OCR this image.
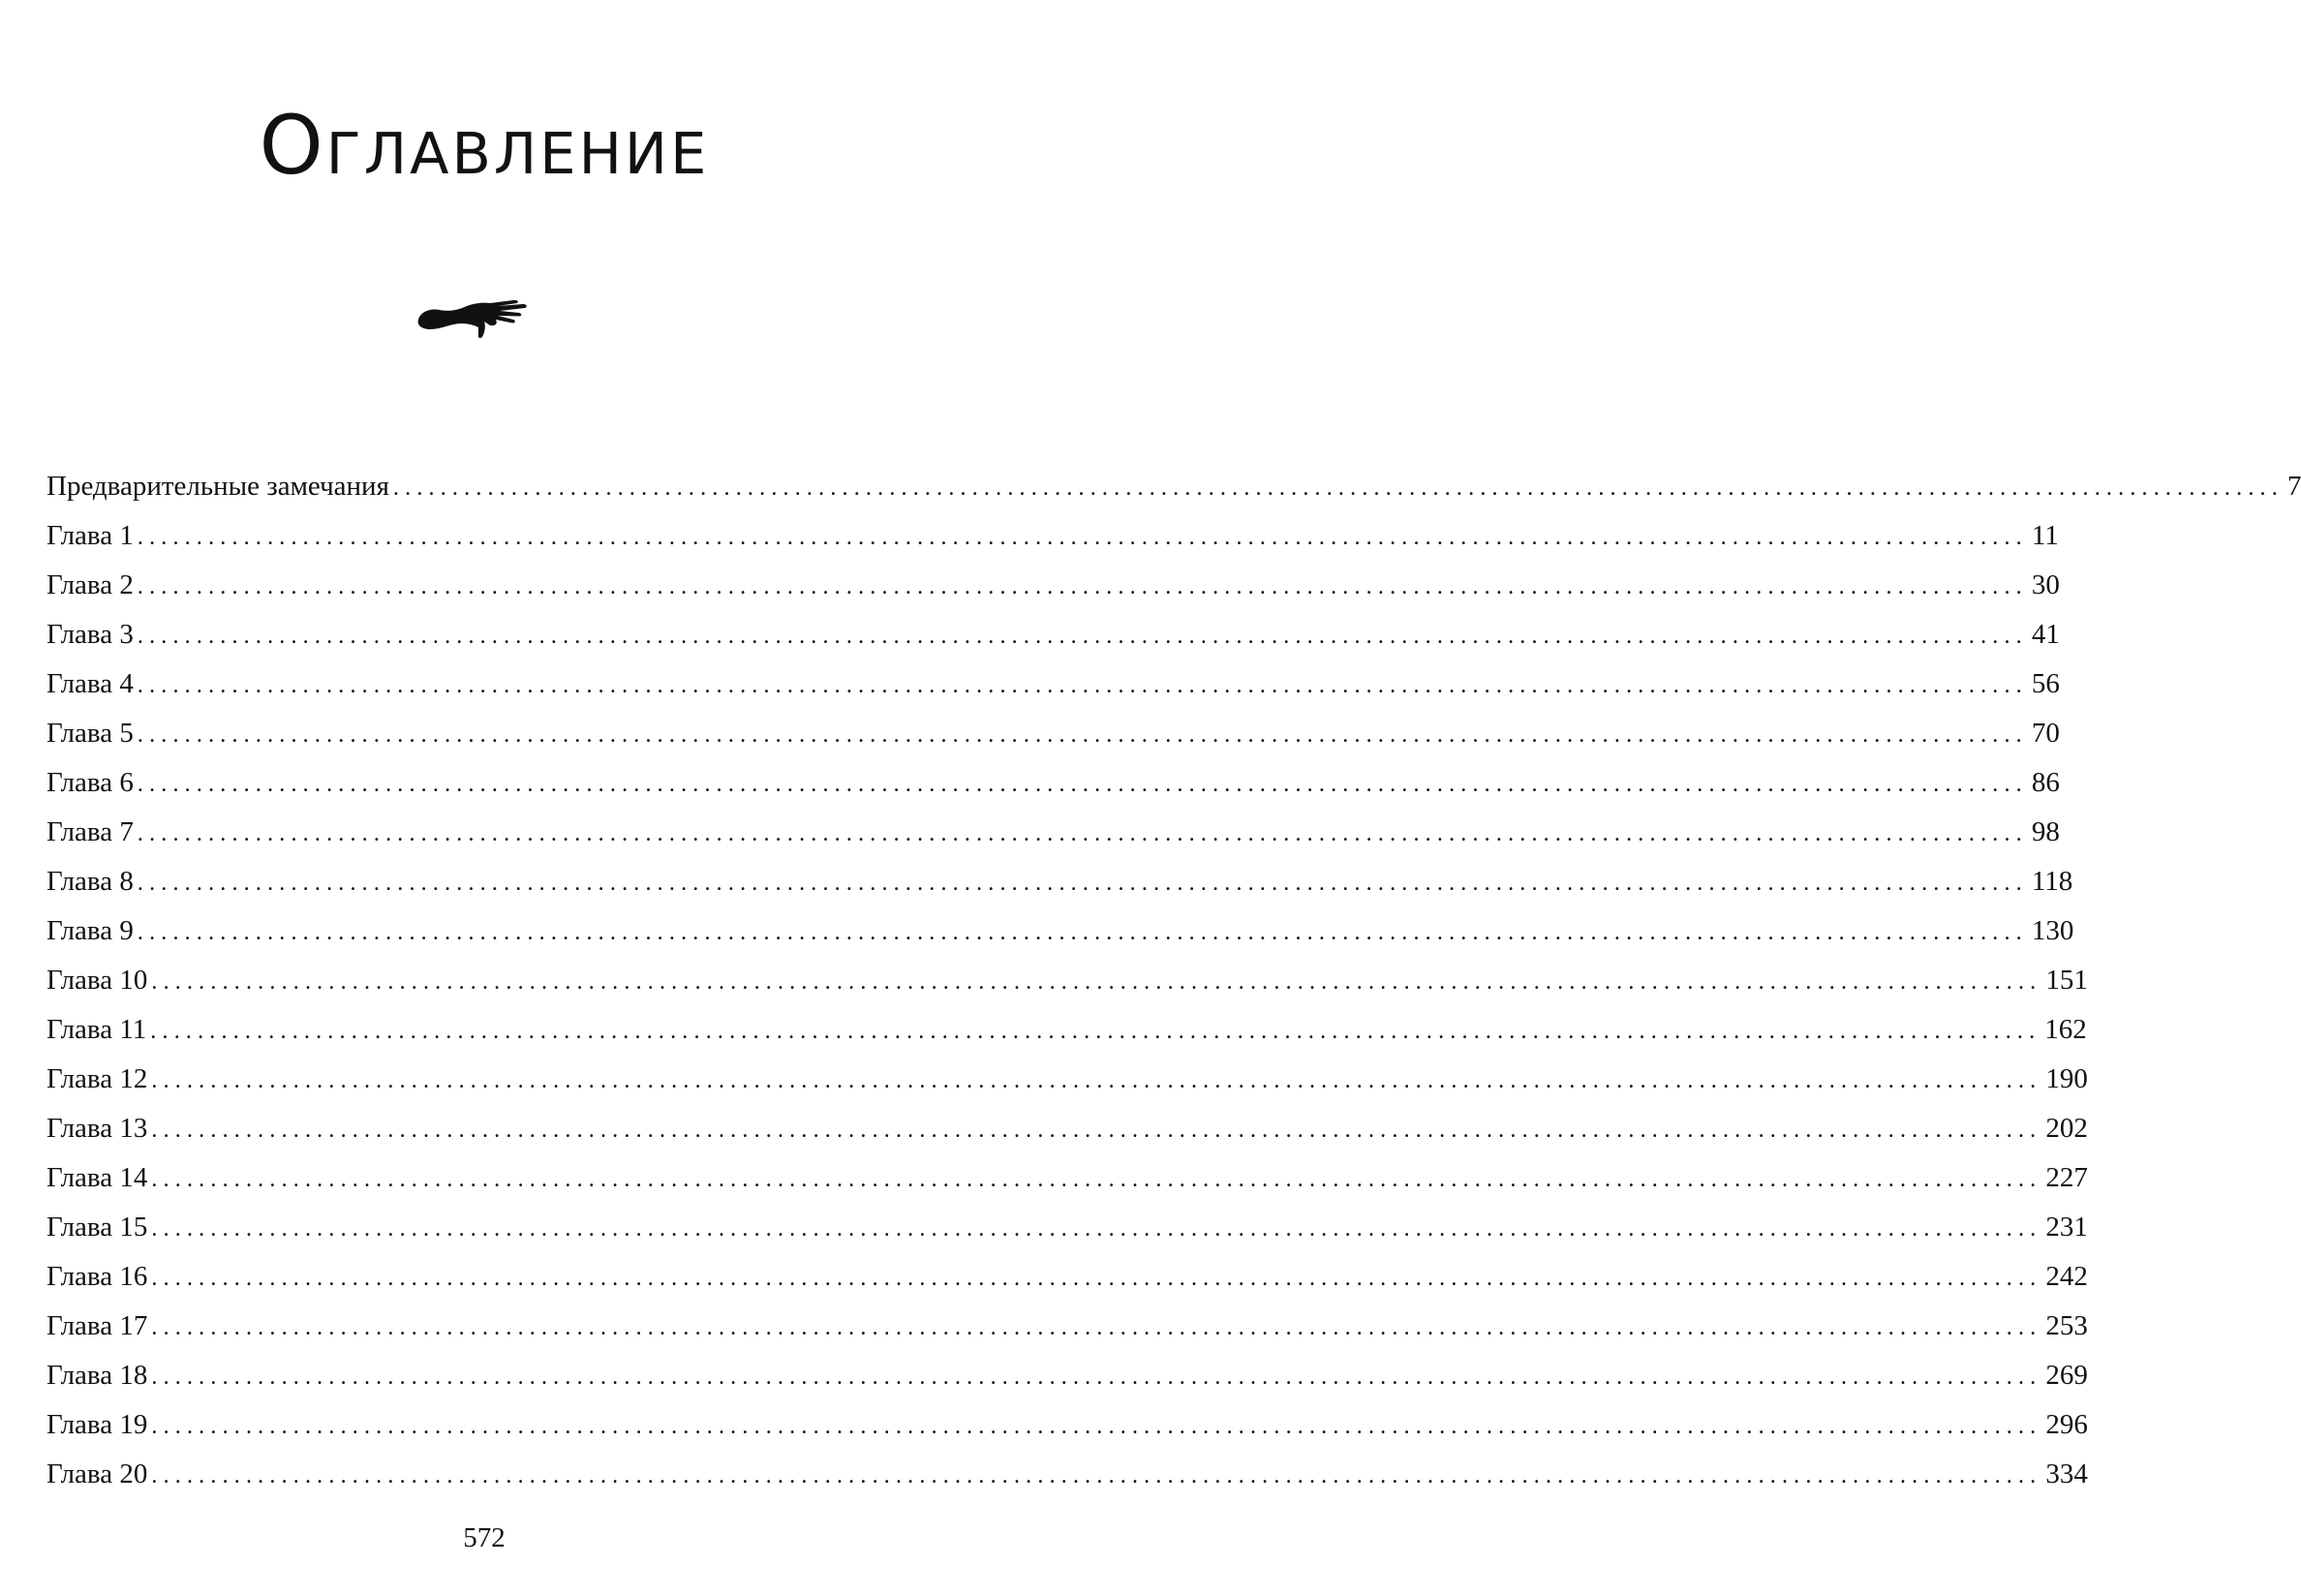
Оглавление
Предварительные замечания ................................................................................................................................................................ 7
Глава 1 ................................................................................................................................................................ 11
Глава 2 ................................................................................................................................................................ 30
Глава 3 ................................................................................................................................................................ 41
Глава 4 ................................................................................................................................................................ 56
Глава 5 ................................................................................................................................................................ 70
Глава 6 ................................................................................................................................................................ 86
Глава 7 ................................................................................................................................................................ 98
Глава 8 ................................................................................................................................................................ 118
Глава 9 ................................................................................................................................................................ 130
Глава 10 ................................................................................................................................................................ 151
Глава 11 ................................................................................................................................................................ 162
Глава 12 ................................................................................................................................................................ 190
Глава 13 ................................................................................................................................................................ 202
Глава 14 ................................................................................................................................................................ 227
Глава 15 ................................................................................................................................................................ 231
Глава 16 ................................................................................................................................................................ 242
Глава 17 ................................................................................................................................................................ 253
Глава 18 ................................................................................................................................................................ 269
Глава 19 ................................................................................................................................................................ 296
Глава 20 ................................................................................................................................................................ 334
572
